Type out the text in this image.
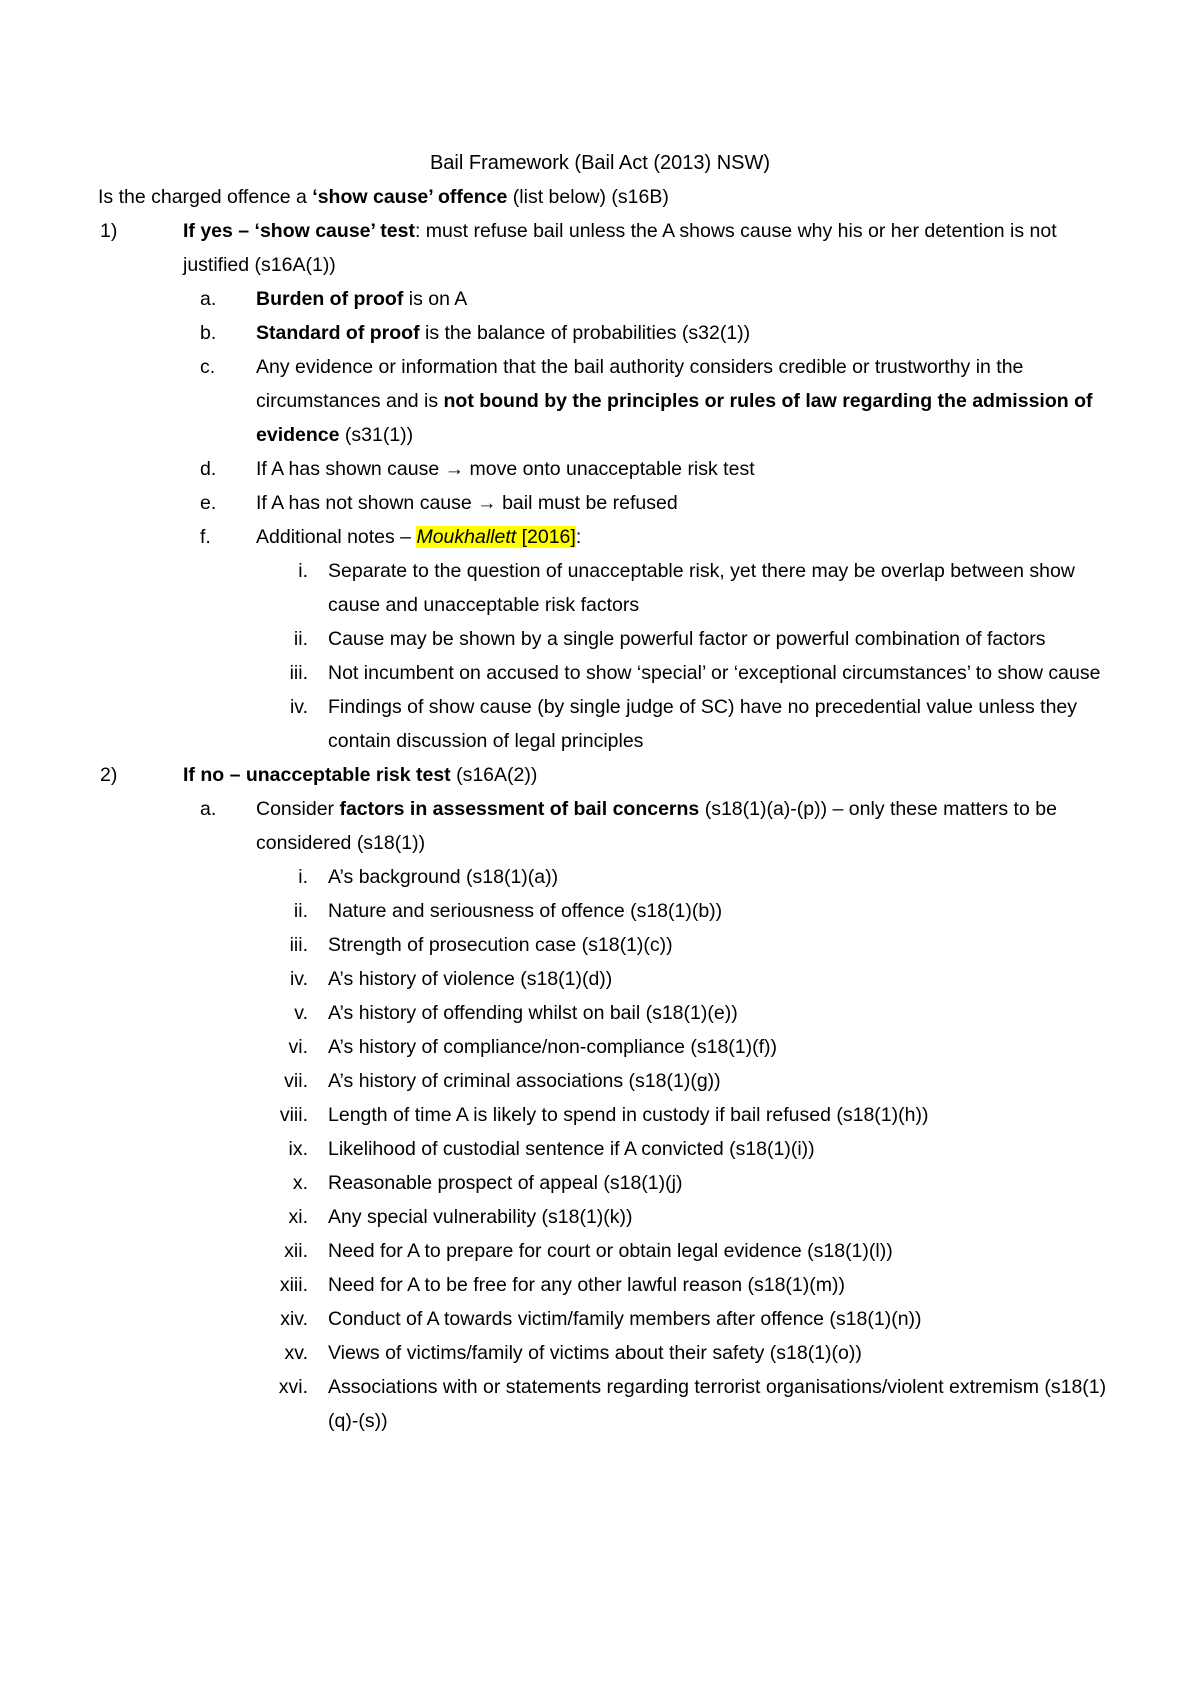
Bail Framework (Bail Act (2013) NSW)
Is the charged offence a ‘show cause’ offence (list below) (s16B)
1)	If yes – ‘show cause’ test: must refuse bail unless the A shows cause why his or her detention is not justified (s16A(1))
a.	Burden of proof is on A
b.	Standard of proof is the balance of probabilities (s32(1))
c.	Any evidence or information that the bail authority considers credible or trustworthy in the circumstances and is not bound by the principles or rules of law regarding the admission of evidence (s31(1))
d.	If A has shown cause → move onto unacceptable risk test
e.	If A has not shown cause → bail must be refused
f.	Additional notes – Moukhallett [2016]:
i. Separate to the question of unacceptable risk, yet there may be overlap between show cause and unacceptable risk factors
ii. Cause may be shown by a single powerful factor or powerful combination of factors
iii. Not incumbent on accused to show ‘special’ or ‘exceptional circumstances’ to show cause
iv. Findings of show cause (by single judge of SC) have no precedential value unless they contain discussion of legal principles
2)	If no – unacceptable risk test (s16A(2))
a.	Consider factors in assessment of bail concerns (s18(1)(a)-(p)) – only these matters to be considered (s18(1))
i. A’s background (s18(1)(a))
ii. Nature and seriousness of offence (s18(1)(b))
iii. Strength of prosecution case (s18(1)(c))
iv. A’s history of violence (s18(1)(d))
v. A’s history of offending whilst on bail (s18(1)(e))
vi. A’s history of compliance/non-compliance (s18(1)(f))
vii. A’s history of criminal associations (s18(1)(g))
viii. Length of time A is likely to spend in custody if bail refused (s18(1)(h))
ix. Likelihood of custodial sentence if A convicted (s18(1)(i))
x. Reasonable prospect of appeal (s18(1)(j)
xi. Any special vulnerability (s18(1)(k))
xii. Need for A to prepare for court or obtain legal evidence (s18(1)(l))
xiii. Need for A to be free for any other lawful reason (s18(1)(m))
xiv. Conduct of A towards victim/family members after offence (s18(1)(n))
xv. Views of victims/family of victims about their safety (s18(1)(o))
xvi. Associations with or statements regarding terrorist organisations/violent extremism (s18(1)(q)-(s))
